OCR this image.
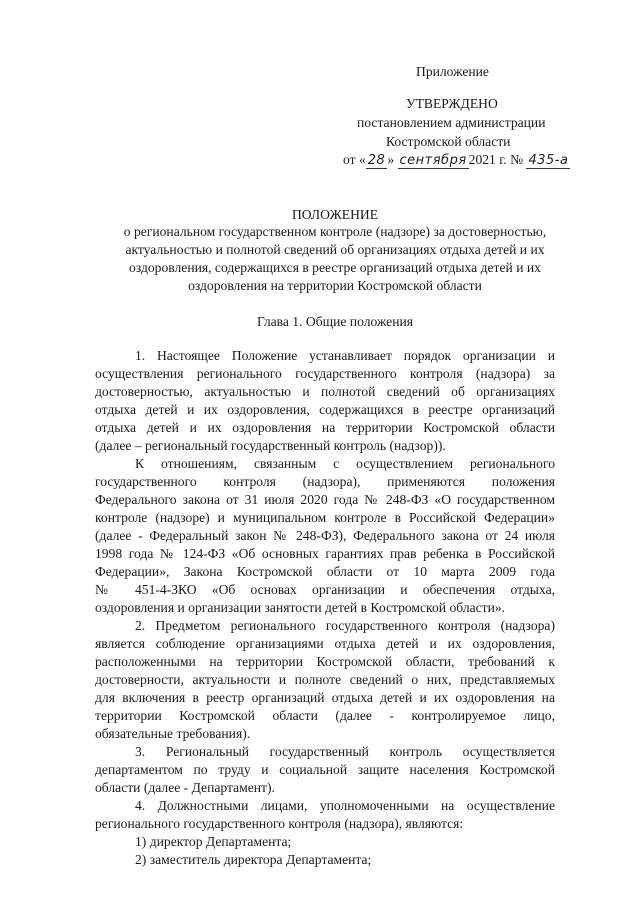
Приложение
УТВЕРЖДЕНО
постановлением администрации
Костромской области
от « 28 » сентября 2021 г. № 435-а
ПОЛОЖЕНИЕ
о региональном государственном контроле (надзоре) за достоверностью,
актуальностью и полнотой сведений об организациях отдыха детей и их
оздоровления, содержащихся в реестре организаций отдыха детей и их
оздоровления на территории Костромской области
Глава 1. Общие положения
1. Настоящее Положение устанавливает порядок организации и
осуществления регионального государственного контроля (надзора) за
достоверностью, актуальностью и полнотой сведений об организациях
отдыха детей и их оздоровления, содержащихся в реестре организаций
отдыха детей и их оздоровления на территории Костромской области
(далее – региональный государственный контроль (надзор)).
К отношениям, связанным с осуществлением регионального
государственного контроля (надзора), применяются положения
Федерального закона от 31 июля 2020 года № 248-ФЗ «О государственном
контроле (надзоре) и муниципальном контроле в Российской Федерации»
(далее - Федеральный закон № 248-ФЗ), Федерального закона от 24 июля
1998 года № 124-ФЗ «Об основных гарантиях прав ребенка в Российской
Федерации», Закона Костромской области от 10 марта 2009 года
№ 451-4-ЗКО «Об основах организации и обеспечения отдыха,
оздоровления и организации занятости детей в Костромской области».
2. Предметом регионального государственного контроля (надзора)
является соблюдение организациями отдыха детей и их оздоровления,
расположенными на территории Костромской области, требований к
достоверности, актуальности и полноте сведений о них, представляемых
для включения в реестр организаций отдыха детей и их оздоровления на
территории Костромской области (далее - контролируемое лицо,
обязательные требования).
3. Региональный государственный контроль осуществляется
департаментом по труду и социальной защите населения Костромской
области (далее - Департамент).
4. Должностными лицами, уполномоченными на осуществление
регионального государственного контроля (надзора), являются:
1) директор Департамента;
2) заместитель директора Департамента;
